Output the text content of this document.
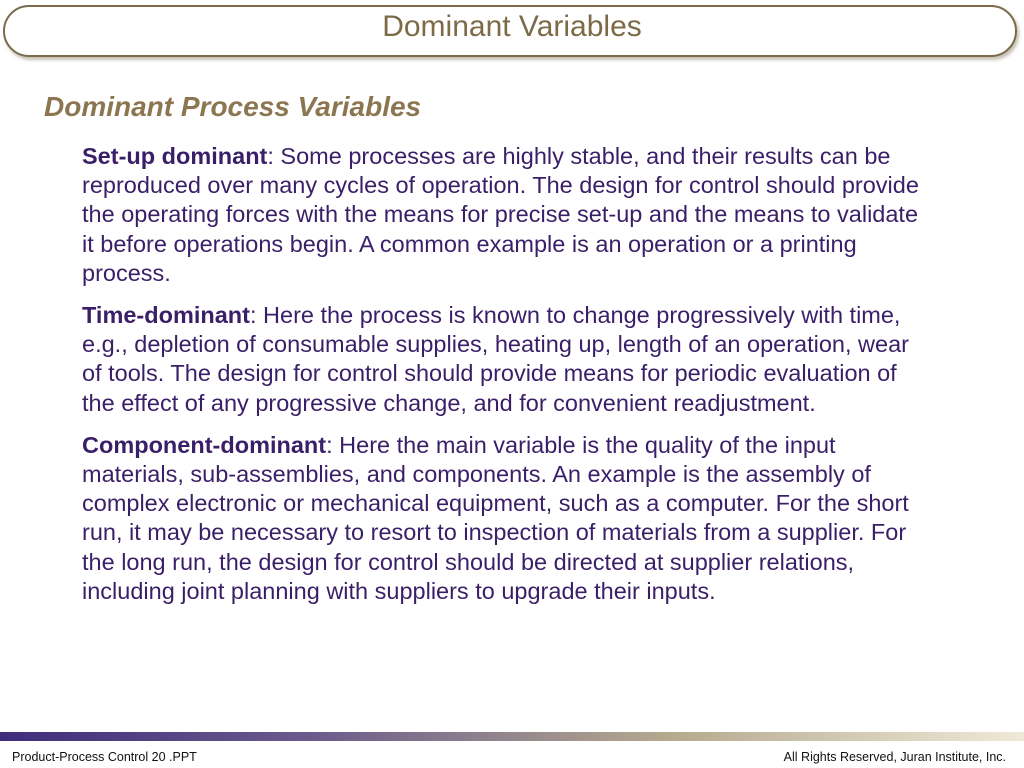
Dominant Variables
Dominant Process Variables

Set-up dominant: Some processes are highly stable, and their results can be reproduced over many cycles of operation. The design for control should provide the operating forces with the means for precise set-up and the means to validate it before operations begin. A common example is an operation or a printing process.

Time-dominant: Here the process is known to change progressively with time, e.g., depletion of consumable supplies, heating up, length of an operation, wear of tools. The design for control should provide means for periodic evaluation of the effect of any progressive change, and for convenient readjustment.

Component-dominant: Here the main variable is the quality of the input materials, sub-assemblies, and components. An example is the assembly of complex electronic or mechanical equipment, such as a computer. For the short run, it may be necessary to resort to inspection of materials from a supplier. For the long run, the design for control should be directed at supplier relations, including joint planning with suppliers to upgrade their inputs.

Product-Process Control 20 .PPT	All Rights Reserved, Juran Institute, Inc.
